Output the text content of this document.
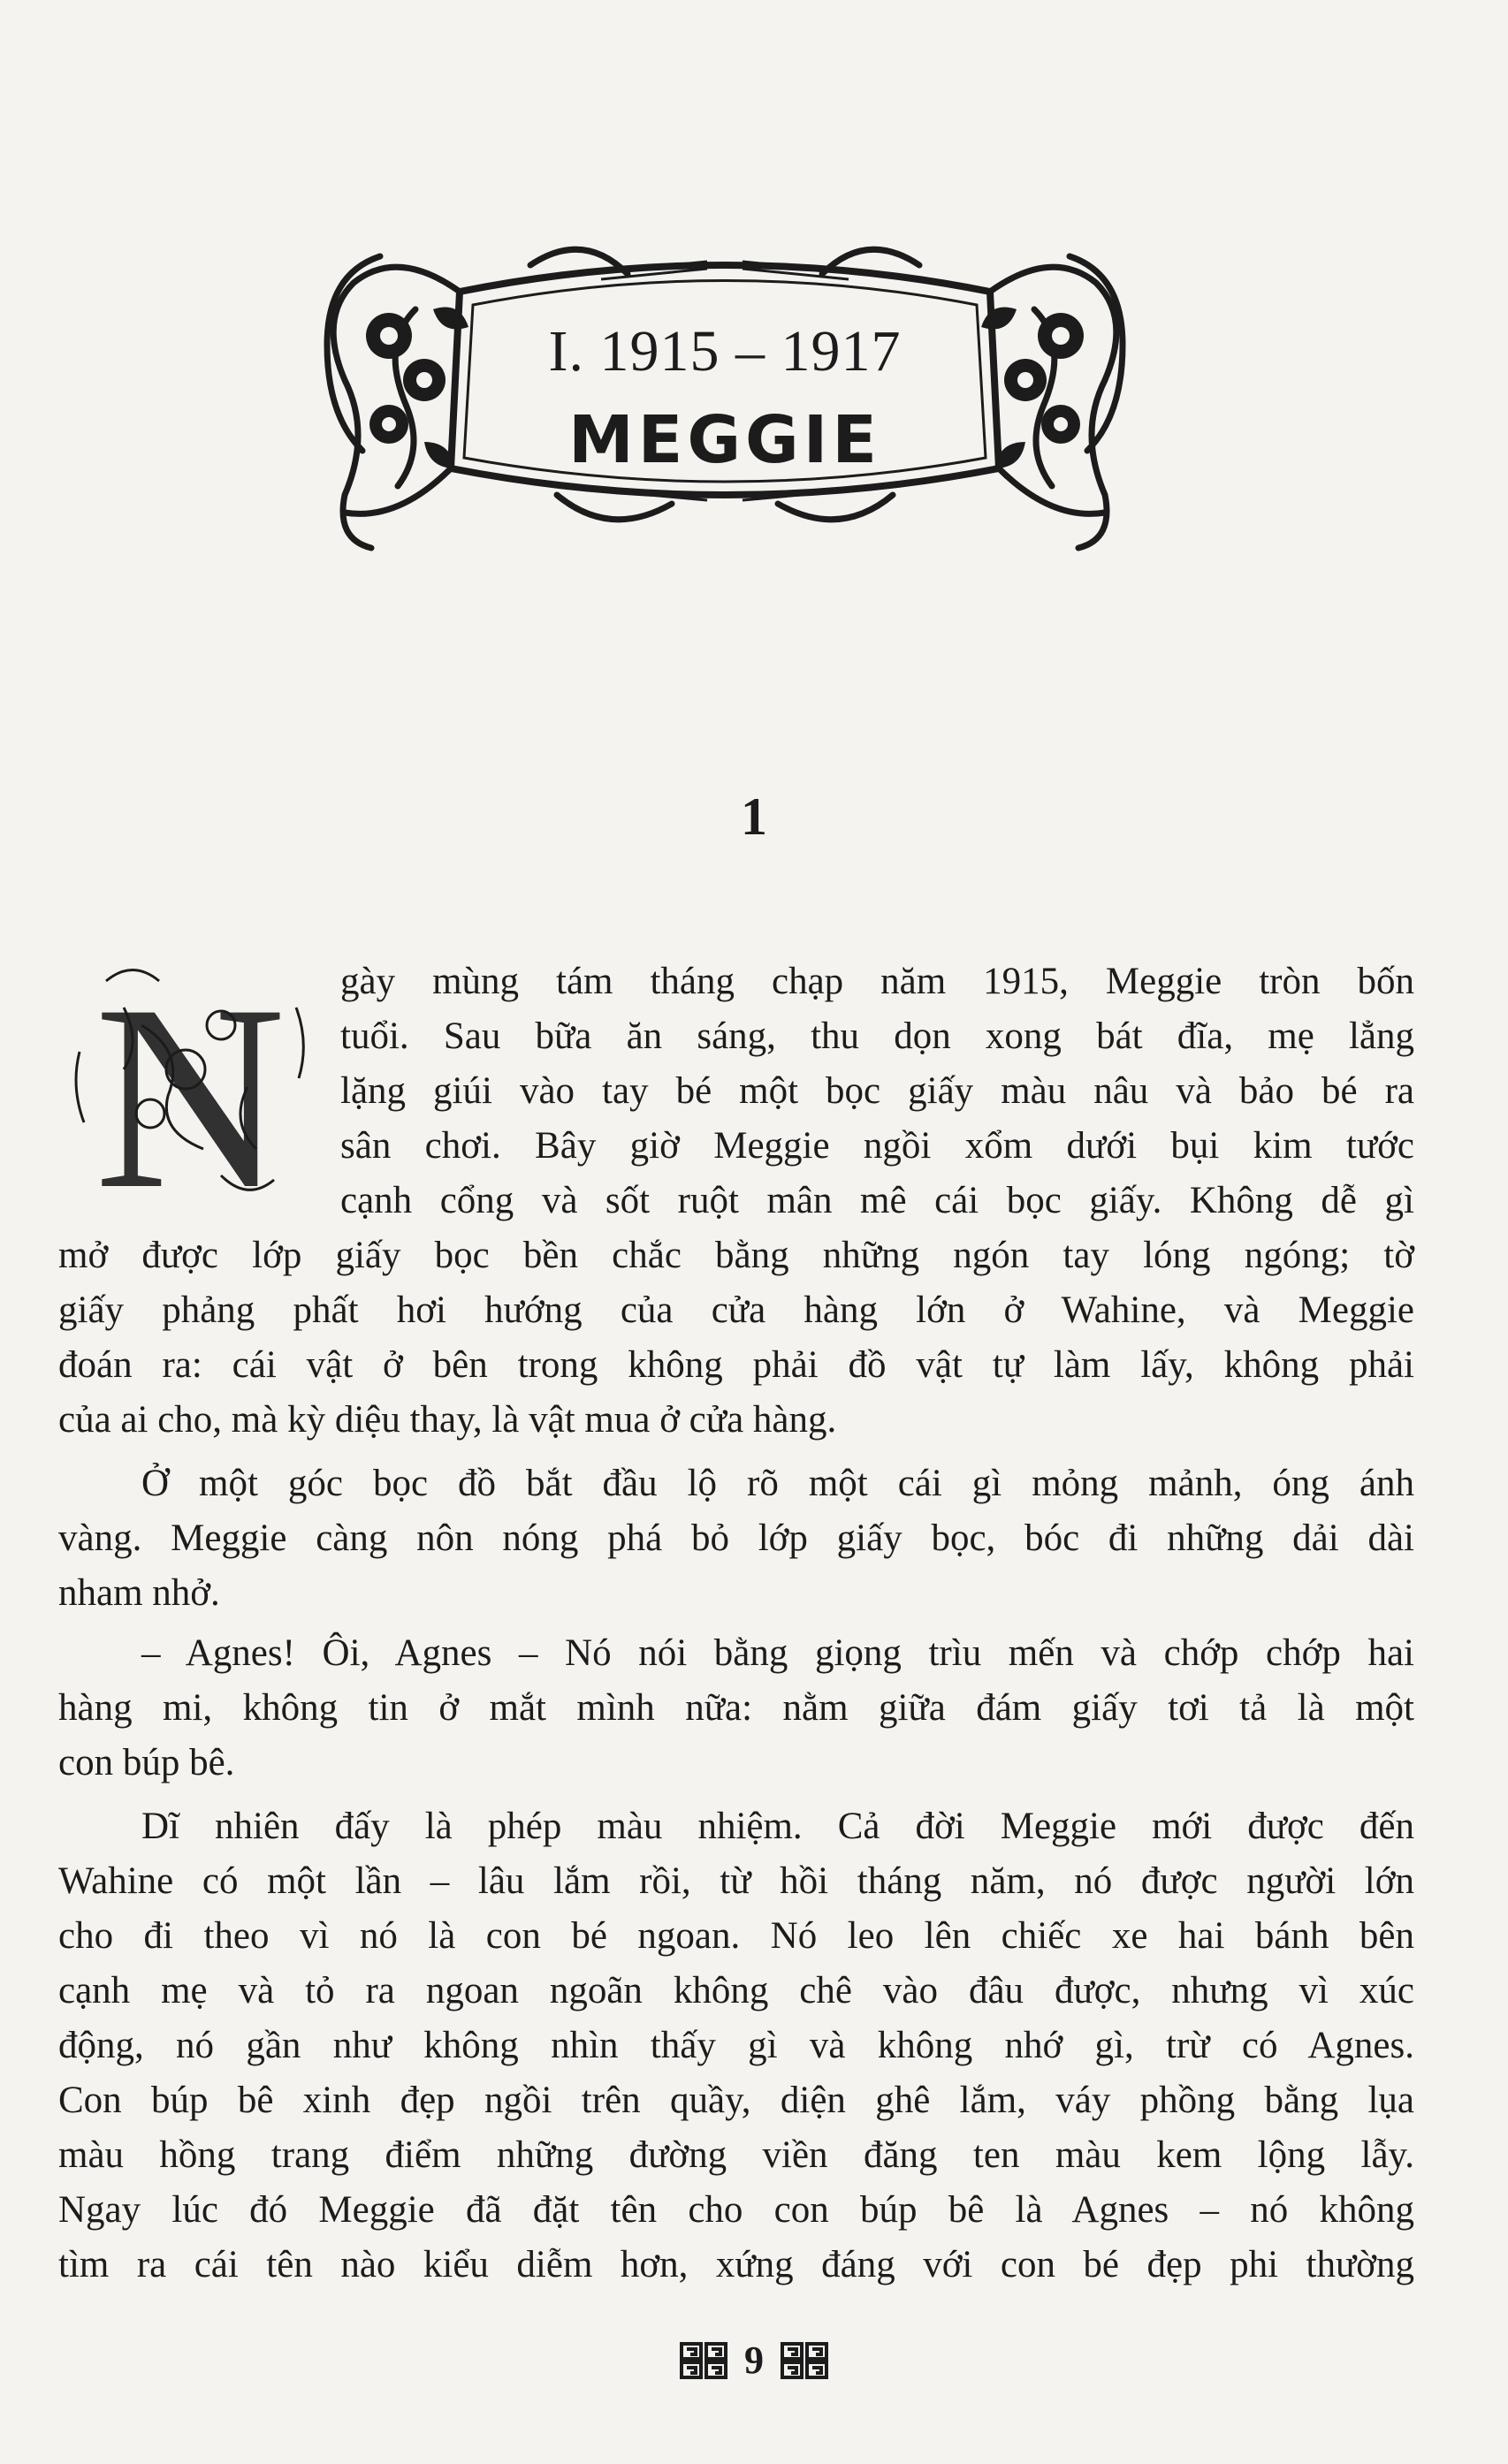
I. 1915 – 1917
MEGGIE
1
N gày mùng tám tháng chạp năm 1915, Meggie tròn bốn
tuổi. Sau bữa ăn sáng, thu dọn xong bát đĩa, mẹ lẳng
lặng giúi vào tay bé một bọc giấy màu nâu và bảo bé ra
sân chơi. Bây giờ Meggie ngồi xổm dưới bụi kim tước
cạnh cổng và sốt ruột mân mê cái bọc giấy. Không dễ gì
mở được lớp giấy bọc bền chắc bằng những ngón tay lóng ngóng; tờ
giấy phảng phất hơi hướng của cửa hàng lớn ở Wahine, và Meggie
đoán ra: cái vật ở bên trong không phải đồ vật tự làm lấy, không phải
của ai cho, mà kỳ diệu thay, là vật mua ở cửa hàng.
Ở một góc bọc đồ bắt đầu lộ rõ một cái gì mỏng mảnh, óng ánh
vàng. Meggie càng nôn nóng phá bỏ lớp giấy bọc, bóc đi những dải dài
nham nhở.
– Agnes! Ôi, Agnes – Nó nói bằng giọng trìu mến và chớp chớp hai
hàng mi, không tin ở mắt mình nữa: nằm giữa đám giấy tơi tả là một
con búp bê.
Dĩ nhiên đấy là phép màu nhiệm. Cả đời Meggie mới được đến
Wahine có một lần – lâu lắm rồi, từ hồi tháng năm, nó được người lớn
cho đi theo vì nó là con bé ngoan. Nó leo lên chiếc xe hai bánh bên
cạnh mẹ và tỏ ra ngoan ngoãn không chê vào đâu được, nhưng vì xúc
động, nó gần như không nhìn thấy gì và không nhớ gì, trừ có Agnes.
Con búp bê xinh đẹp ngồi trên quầy, diện ghê lắm, váy phồng bằng lụa
màu hồng trang điểm những đường viền đăng ten màu kem lộng lẫy.
Ngay lúc đó Meggie đã đặt tên cho con búp bê là Agnes – nó không
tìm ra cái tên nào kiểu diễm hơn, xứng đáng với con bé đẹp phi thường
9
